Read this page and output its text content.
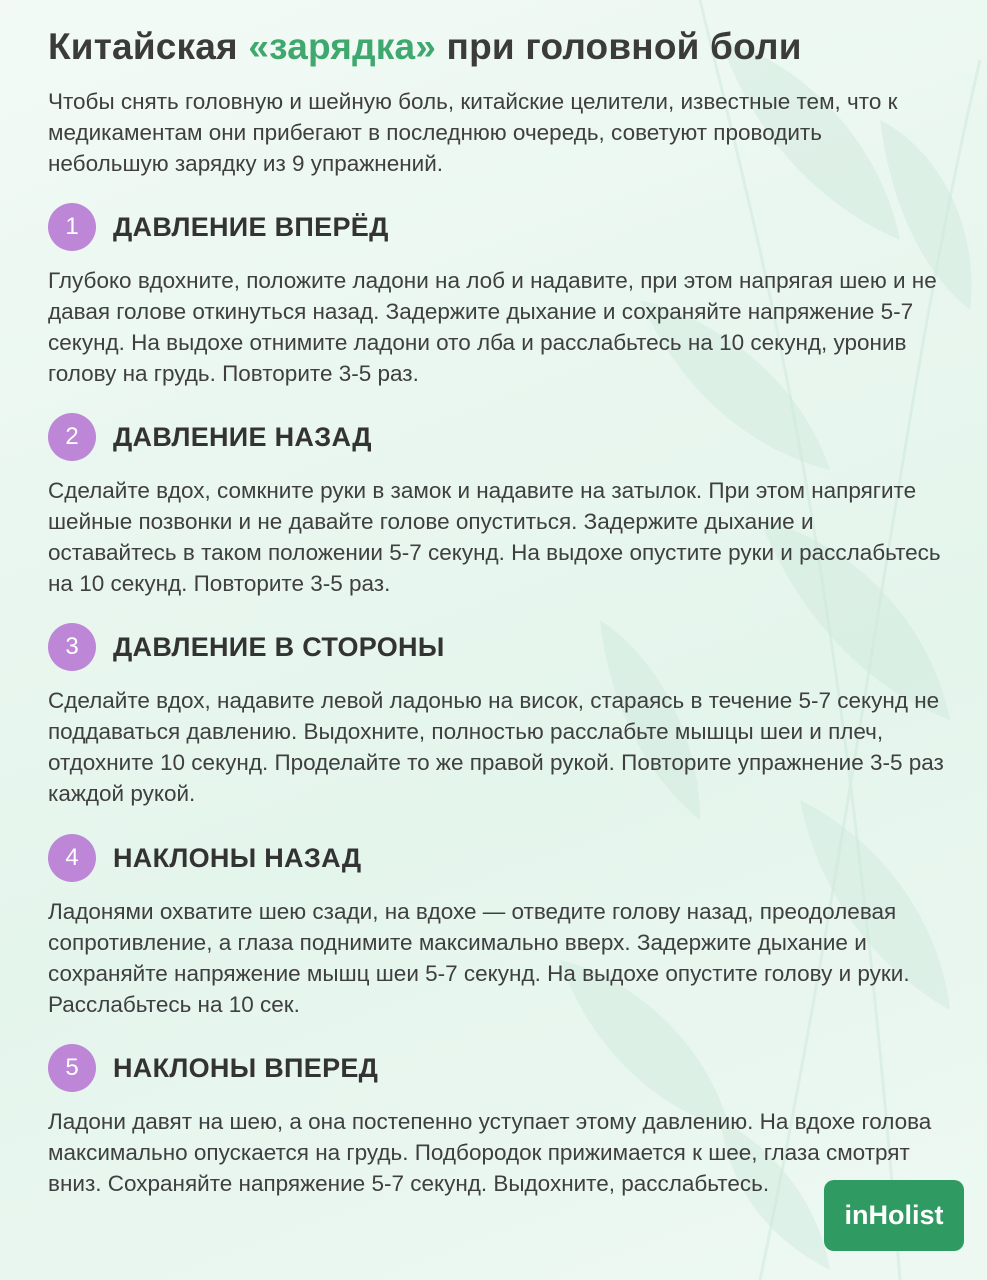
Китайская «зарядка» при головной боли
Чтобы снять головную и шейную боль, китайские целители, известные тем, что к медикаментам они прибегают в последнюю очередь, советуют проводить небольшую зарядку из 9 упражнений.
1	ДАВЛЕНИЕ ВПЕРЁД
Глубоко вдохните, положите ладони на лоб и надавите, при этом напрягая шею и не давая голове откинуться назад. Задержите дыхание и сохраняйте напряжение 5-7 секунд. На выдохе отнимите ладони ото лба и расслабьтесь на 10 секунд, уронив голову на грудь. Повторите 3-5 раз.
2	ДАВЛЕНИЕ НАЗАД
Сделайте вдох, сомкните руки в замок и надавите на затылок. При этом напрягите шейные позвонки и не давайте голове опуститься. Задержите дыхание и оставайтесь в таком положении 5-7 секунд. На выдохе опустите руки и расслабьтесь на 10 секунд. Повторите 3-5 раз.
3	ДАВЛЕНИЕ В СТОРОНЫ
Сделайте вдох, надавите левой ладонью на висок, стараясь в течение 5-7 секунд не поддаваться давлению. Выдохните, полностью расслабьте мышцы шеи и плеч, отдохните 10 секунд. Проделайте то же правой рукой. Повторите упражнение 3-5 раз каждой рукой.
4	НАКЛОНЫ НАЗАД
Ладонями охватите шею сзади, на вдохе — отведите голову назад, преодолевая сопротивление, а глаза поднимите максимально вверх. Задержите дыхание и сохраняйте напряжение мышц шеи 5-7 секунд. На выдохе опустите голову и руки. Расслабьтесь на 10 сек.
5	НАКЛОНЫ ВПЕРЕД
Ладони давят на шею, а она постепенно уступает этому давлению. На вдохе голова максимально опускается на грудь. Подбородок прижимается к шее, глаза смотрят вниз. Сохраняйте напряжение 5-7 секунд. Выдохните, расслабьтесь.
inHolist
